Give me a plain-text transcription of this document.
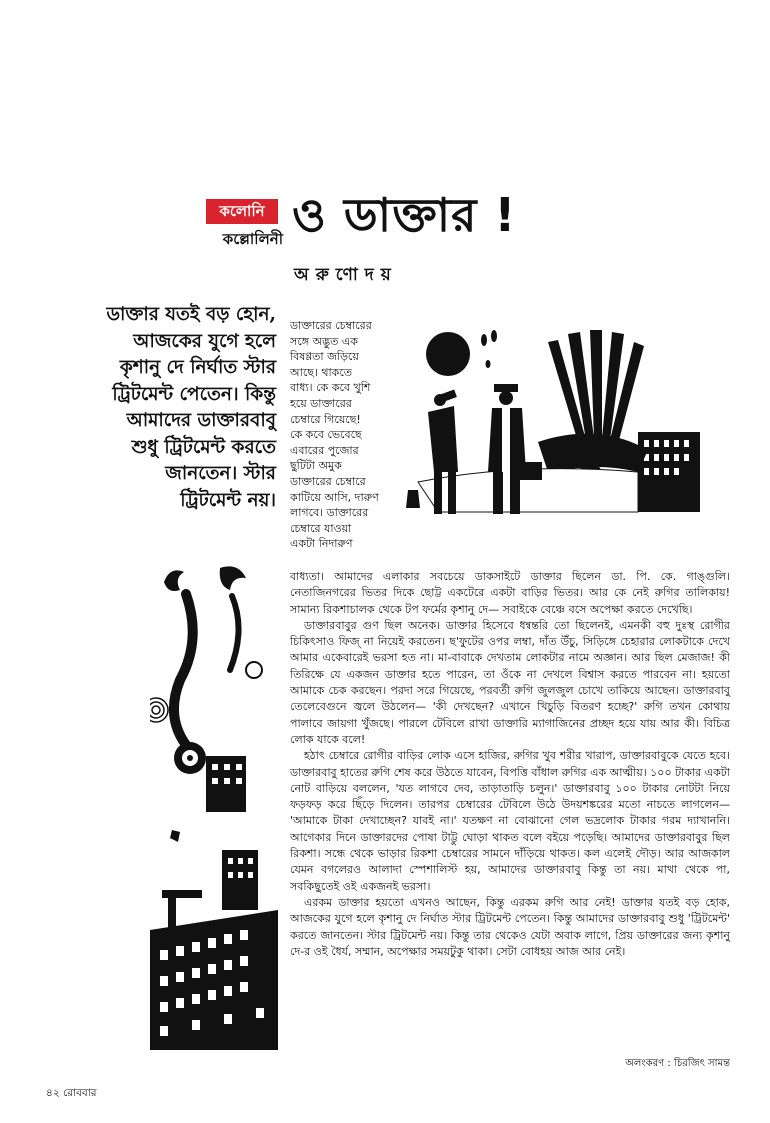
কলোনি
কল্লোলিনী ও ডাক্তার !
অরুণোদয়

ডাক্তার যতই বড় হোন,

আজকের যুগে হলে

কৃশানু দে নির্ঘাত স্টার

ট্রিটমেন্ট পেতেন। কিন্তু

আমাদের ডাক্তারবাবু

শুধু ট্রিটমেন্ট করতে

জানতেন। স্টার

ট্রিটমেন্ট নয়।

ডাক্তারের চেম্বারের

সঙ্গে অদ্ভুত এক

বিষণ্ণতা জড়িয়ে

আছে। থাকতে

বাধ্য। কে কবে খুশি

হয়ে ডাক্তারের

চেম্বারে গিয়েছে!

কে কবে ভেবেছে

এবারের পুজোর

ছুটিটা অমুক

ডাক্তারের চেম্বারে

কাটিয়ে আসি, দারুণ

লাগবে। ডাক্তারের

চেম্বারে যাওয়া

একটা নিদারুণ

বাধ্যতা। আমাদের এলাকার সবচেয়ে ডাকসাইটে ডাক্তার ছিলেন ডা. পি. কে. গাঙ্গুলি। নেতাজিনগরের ভিতর দিকে ছোট্ট একটেরে একটা বাড়ির ভিতর। আর কে নেই রুগির তালিকায়! সামান্য রিকশাচালক থেকে টপ ফর্মের কৃশানু দে— সবাইকে বেঞ্চে বসে অপেক্ষা করতে দেখেছি।

ডাক্তারবাবুর গুণ ছিল অনেক। ডাক্তার হিসেবে ধন্বন্তরি তো ছিলেনই, এমনকী বহু দুঃস্থ রোগীর চিকিৎসাও ফিজ্ না নিয়েই করতেন। ছ'ফুটের ওপর লম্বা, দাঁত উঁচু, সিড়িঙ্গে চেহারার লোকটাকে দেখে আমার একেবারেই ভরসা হত না। মা-বাবাকে দেখতাম লোকটার নামে অজ্ঞান। আর ছিল মেজাজ! কী তিরিক্ষে যে একজন ডাক্তার হতে পারেন, তা ওঁকে না দেখলে বিশ্বাস করতে পারবেন না। হয়তো আমাকে চেক করছেন। পরদা সরে গিয়েছে, পরবর্তী রুগি জুলজুল চোখে তাকিয়ে আছেন। ডাক্তারবাবু তেলেবেগুনে জ্বলে উঠলেন— 'কী দেখছেন? এখানে খিচুড়ি বিতরণ হচ্ছে?' রুগি তখন কোথায় পালাবে জায়গা খুঁজছে। পারলে টেবিলে রাখা ডাক্তারি ম্যাগাজিনের প্রচ্ছদ হয়ে যায় আর কী। বিচিত্র লোক যাকে বলে!

হঠাৎ চেম্বারে রোগীর বাড়ির লোক এসে হাজির, রুগির খুব শরীর খারাপ, ডাক্তারবাবুকে যেতে হবে। ডাক্তারবাবু হাতের রুগি শেষ করে উঠতে যাবেন, বিপত্তি বাঁধাল রুগির এক আত্মীয়। ১০০ টাকার একটা নোট বাড়িয়ে বললেন, 'যত লাগবে দেব, তাড়াতাড়ি চলুন।' ডাক্তারবাবু ১০০ টাকার নোটটা নিয়ে ফড়ফড় করে ছিঁড়ে দিলেন। তারপর চেম্বারের টেবিলে উঠে উদয়শঙ্করের মতো নাচতে লাগলেন— 'আমাকে টাকা দেখাচ্ছেন? যাবই না।' যতক্ষণ না বোঝানো গেল ভদ্রলোক টাকার গরম দ্যাখাননি। আগেকার দিনে ডাক্তারদের পোষা টাট্টু ঘোড়া থাকত বলে বইয়ে পড়েছি। আমাদের ডাক্তারবাবুর ছিল রিকশা। সন্ধে থেকে ভাড়ার রিকশা চেম্বারের সামনে দাঁড়িয়ে থাকত। কল এলেই দৌড়। আর আজকাল যেমন বগলেরও আলাদা স্পেশালিস্ট হয়, আমাদের ডাক্তারবাবু কিন্তু তা নয়। মাথা থেকে পা, সবকিছুতেই ওই একজনই ভরসা।

এরকম ডাক্তার হয়তো এখনও আছেন, কিন্তু এরকম রুগি আর নেই! ডাক্তার যতই বড় হোক, আজকের যুগে হলে কৃশানু দে নির্ঘাত স্টার ট্রিটমেন্ট পেতেন। কিন্তু আমাদের ডাক্তারবাবু শুধু 'ট্রিটমেন্ট' করতে জানতেন। স্টার ট্রিটমেন্ট নয়। কিন্তু তার থেকেও যেটা অবাক লাগে, প্রিয় ডাক্তারের জন্য কৃশানু দে-র ওই ধৈর্য, সম্মান, অপেক্ষার সময়টুকু থাকা। সেটা বোধহয় আজ আর নেই।

অলংকরণ : চিরজিৎ সামন্ত
৪২ রোববার
